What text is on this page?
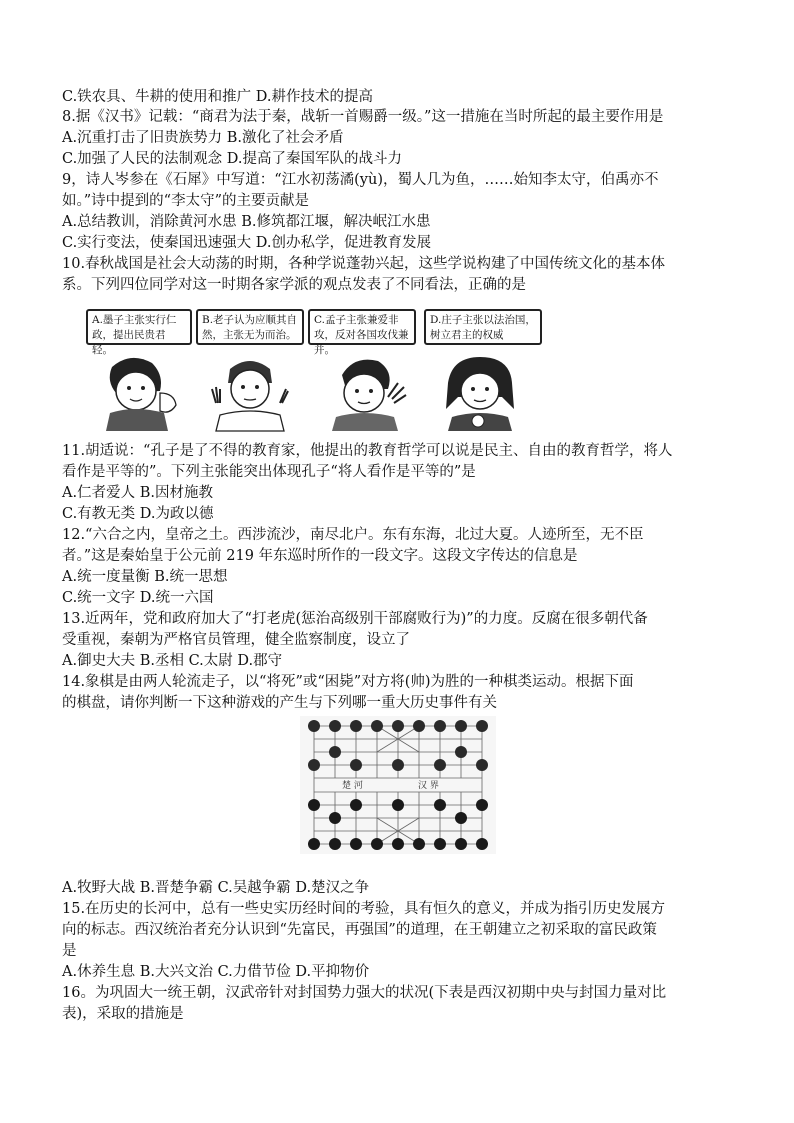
C.铁农具、牛耕的使用和推广 D.耕作技术的提高
8.据《汉书》记载：“商君为法于秦，战斩一首赐爵一级。”这一措施在当时所起的最主要作用是
A.沉重打击了旧贵族势力 B.激化了社会矛盾
C.加强了人民的法制观念 D.提高了秦国军队的战斗力
9，诗人岑参在《石犀》中写道：“江水初荡潏(yù)，蜀人几为鱼，……始知李太守，伯禹亦不
如。”诗中提到的“李太守”的主要贡献是
A.总结教训，消除黄河水患 B.修筑都江堰，解决岷江水患
C.实行变法，使秦国迅速强大 D.创办私学，促进教育发展
10.春秋战国是社会大动荡的时期，各种学说蓬勃兴起，这些学说构建了中国传统文化的基本体
系。下列四位同学对这一时期各家学派的观点发表了不同看法，正确的是
A.墨子主张实行仁政，提出民贵君轻。
B.老子认为应顺其自然，主张无为而治。
C.孟子主张兼爱非攻，反对各国攻伐兼并。
D.庄子主张以法治国，树立君主的权威
11.胡适说：“孔子是了不得的教育家，他提出的教育哲学可以说是民主、自由的教育哲学，将人
看作是平等的”。下列主张能突出体现孔子“将人看作是平等的”是
A.仁者爱人 B.因材施教
C.有教无类 D.为政以德
12.“六合之内，皇帝之土。西涉流沙，南尽北户。东有东海，北过大夏。人迹所至，无不臣
者。”这是秦始皇于公元前 219 年东巡时所作的一段文字。这段文字传达的信息是
A.统一度量衡 B.统一思想
C.统一文字 D.统一六国
13.近两年，党和政府加大了“打老虎(惩治高级别干部腐败行为)”的力度。反腐在很多朝代备
受重视，秦朝为严格官员管理，健全监察制度，设立了
A.御史大夫 B.丞相 C.太尉 D.郡守
14.象棋是由两人轮流走子，以“将死”或“困毙”对方将(帅)为胜的一种棋类运动。根据下面
的棋盘，请你判断一下这种游戏的产生与下列哪一重大历史事件有关
楚 河	汉 界
A.牧野大战 B.晋楚争霸 C.吴越争霸 D.楚汉之争
15.在历史的长河中，总有一些史实历经时间的考验，具有恒久的意义，并成为指引历史发展方
向的标志。西汉统治者充分认识到“先富民，再强国”的道理，在王朝建立之初采取的富民政策
是
A.休养生息 B.大兴文治 C.力借节俭 D.平抑物价
16。为巩固大一统王朝，汉武帝针对封国势力强大的状况(下表是西汉初期中央与封国力量对比
表)，采取的措施是
